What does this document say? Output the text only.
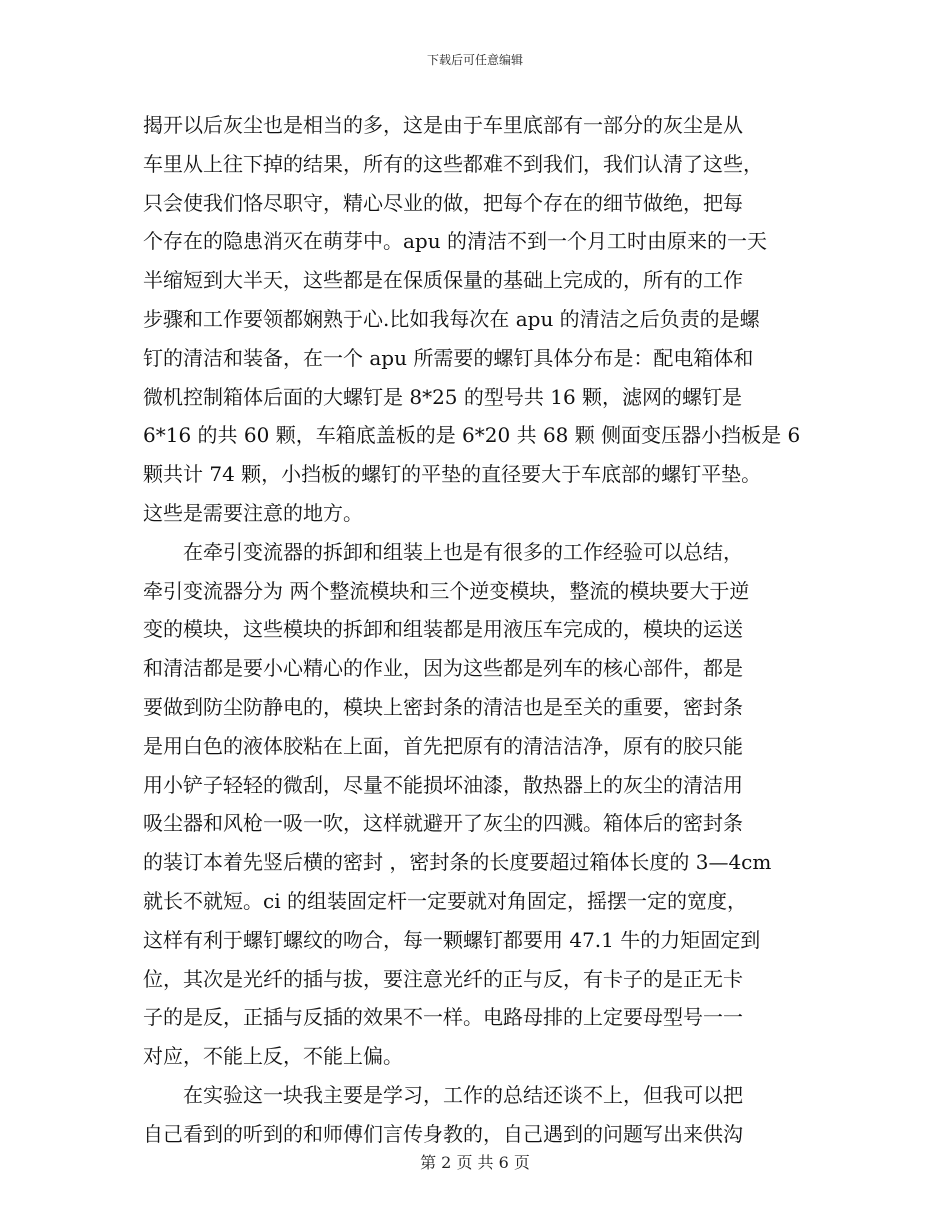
下载后可任意编辑
揭开以后灰尘也是相当的多，这是由于车里底部有一部分的灰尘是从
车里从上往下掉的结果，所有的这些都难不到我们，我们认清了这些，
只会使我们恪尽职守，精心尽业的做，把每个存在的细节做绝，把每
个存在的隐患消灭在萌芽中。apu 的清洁不到一个月工时由原来的一天
半缩短到大半天，这些都是在保质保量的基础上完成的，所有的工作
步骤和工作要领都娴熟于心.比如我每次在 apu 的清洁之后负责的是螺
钉的清洁和装备，在一个 apu 所需要的螺钉具体分布是：配电箱体和
微机控制箱体后面的大螺钉是 8*25 的型号共 16 颗，滤网的螺钉是
6*16 的共 60 颗，车箱底盖板的是 6*20 共 68 颗 侧面变压器小挡板是 6
颗共计 74 颗，小挡板的螺钉的平垫的直径要大于车底部的螺钉平垫。
这些是需要注意的地方。
在牵引变流器的拆卸和组装上也是有很多的工作经验可以总结，
牵引变流器分为 两个整流模块和三个逆变模块，整流的模块要大于逆
变的模块，这些模块的拆卸和组装都是用液压车完成的，模块的运送
和清洁都是要小心精心的作业，因为这些都是列车的核心部件，都是
要做到防尘防静电的，模块上密封条的清洁也是至关的重要，密封条
是用白色的液体胶粘在上面，首先把原有的清洁洁净，原有的胶只能
用小铲子轻轻的微刮，尽量不能损坏油漆，散热器上的灰尘的清洁用
吸尘器和风枪一吸一吹，这样就避开了灰尘的四溅。箱体后的密封条
的装订本着先竖后横的密封 ，密封条的长度要超过箱体长度的 3—4cm
就长不就短。ci 的组装固定杆一定要就对角固定，摇摆一定的宽度，
这样有利于螺钉螺纹的吻合，每一颗螺钉都要用 47.1 牛的力矩固定到
位，其次是光纤的插与拔，要注意光纤的正与反，有卡子的是正无卡
子的是反，正插与反插的效果不一样。电路母排的上定要母型号一一
对应，不能上反，不能上偏。
在实验这一块我主要是学习，工作的总结还谈不上，但我可以把
自己看到的听到的和师傅们言传身教的，自己遇到的问题写出来供沟
第 2 页 共 6 页
